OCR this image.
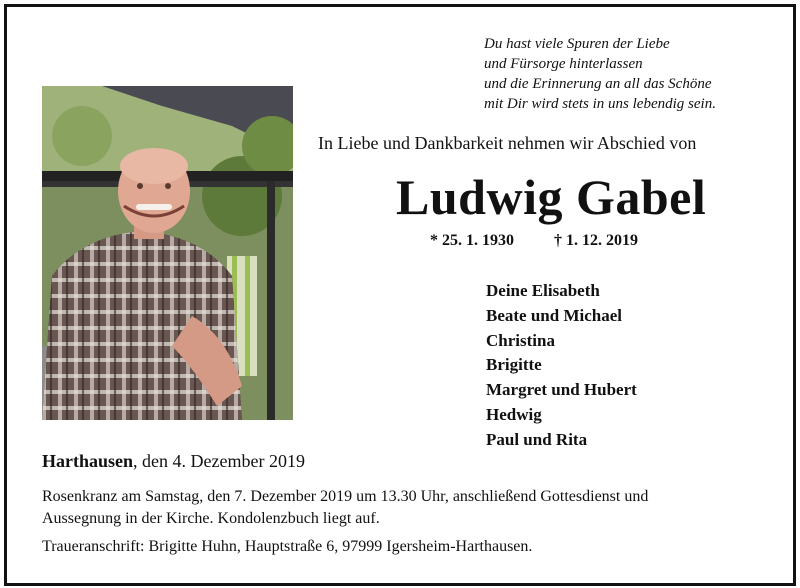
Du hast viele Spuren der Liebe
und Fürsorge hinterlassen
und die Erinnerung an all das Schöne
mit Dir wird stets in uns lebendig sein.
In Liebe und Dankbarkeit nehmen wir Abschied von
Ludwig Gabel
* 25. 1. 1930	† 1. 12. 2019
Deine Elisabeth
Beate und Michael
Christina
Brigitte
Margret und Hubert
Hedwig
Paul und Rita
Harthausen, den 4. Dezember 2019
Rosenkranz am Samstag, den 7. Dezember 2019 um 13.30 Uhr, anschließend Gottesdienst und
Aussegnung in der Kirche. Kondolenzbuch liegt auf.
Traueranschrift: Brigitte Huhn, Hauptstraße 6, 97999 Igersheim-Harthausen.
